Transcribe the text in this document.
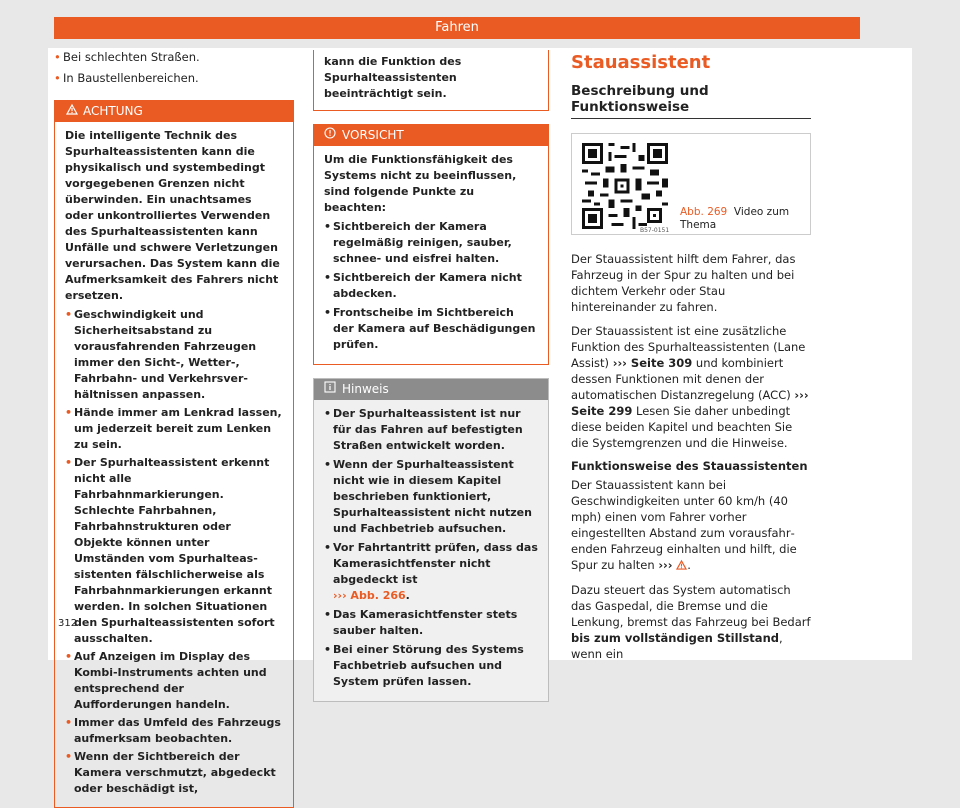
Fahren
• Bei schlechten Straßen.
• In Baustellenbereichen.
ACHTUNG

Die intelligente Technik des Spurhalteassistenten kann die physikalisch und systembedingt vorgegebenen Grenzen nicht überwinden. Ein unachtsames oder unkontrolliertes Verwenden des Spurhalteassistenten kann Unfälle und schwere Verletzungen verursachen. Das System kann die Aufmerksamkeit des Fahrers nicht ersetzen.

• Geschwindigkeit und Sicherheitsabstand zu vorausfahrenden Fahrzeugen immer den Sicht-, Wetter-, Fahrbahn- und Verkehrsverhältnissen anpassen.
• Hände immer am Lenkrad lassen, um jederzeit bereit zum Lenken zu sein.
• Der Spurhalteassistent erkennt nicht alle Fahrbahnmarkierungen. Schlechte Fahrbahnen, Fahrbahnstrukturen oder Objekte können unter Umständen vom Spurhalteassistenten fälschlicherweise als Fahrbahnmarkierungen erkannt werden. In solchen Situationen den Spurhalteassistenten sofort ausschalten.
• Auf Anzeigen im Display des Kombi-Instruments achten und entsprechend der Aufforderungen handeln.
• Immer das Umfeld des Fahrzeugs aufmerksam beobachten.
• Wenn der Sichtbereich der Kamera verschmutzt, abgedeckt oder beschädigt ist,
kann die Funktion des Spurhalteassistenten beeinträchtigt sein.
VORSICHT

Um die Funktionsfähigkeit des Systems nicht zu beeinflussen, sind folgende Punkte zu beachten:

• Sichtbereich der Kamera regelmäßig reinigen, sauber, schnee- und eisfrei halten.
• Sichtbereich der Kamera nicht abdecken.
• Frontscheibe im Sichtbereich der Kamera auf Beschädigungen prüfen.
Hinweis
• Der Spurhalteassistent ist nur für das Fahren auf befestigten Straßen entwickelt worden.
• Wenn der Spurhalteassistent nicht wie in diesem Kapitel beschrieben funktioniert, Spurhalteassistent nicht nutzen und Fachbetrieb aufsuchen.
• Vor Fahrtantritt prüfen, dass das Kamerasichtfenster nicht abgedeckt ist
››› Abb. 266.
• Das Kamerasichtfenster stets sauber halten.
• Bei einer Störung des Systems Fachbetrieb aufsuchen und System prüfen lassen.
Stauassistent
Beschreibung und Funktionsweise
B57-0151
Abb. 269 Video zum Thema
Der Stauassistent hilft dem Fahrer, das Fahrzeug in der Spur zu halten und bei dichtem Verkehr oder Stau hintereinander zu fahren.
Der Stauassistent ist eine zusätzliche Funktion des Spurhalteassistenten (Lane Assist) ››› Seite 309 und kombiniert dessen Funktionen mit denen der automatischen Distanzregelung (ACC) ››› Seite 299 Lesen Sie daher unbedingt diese beiden Kapitel und beachten Sie die Systemgrenzen und die Hinweise.
Funktionsweise des Stauassistenten
Der Stauassistent kann bei Geschwindigkeiten unter 60 km/h (40 mph) einen vom Fahrer vorher eingestellten Abstand zum vorausfahrenden Fahrzeug einhalten und hilft, die Spur zu halten ››› .
Dazu steuert das System automatisch das Gaspedal, die Bremse und die Lenkung, bremst das Fahrzeug bei Bedarf bis zum vollständigen Stillstand, wenn ein
312
